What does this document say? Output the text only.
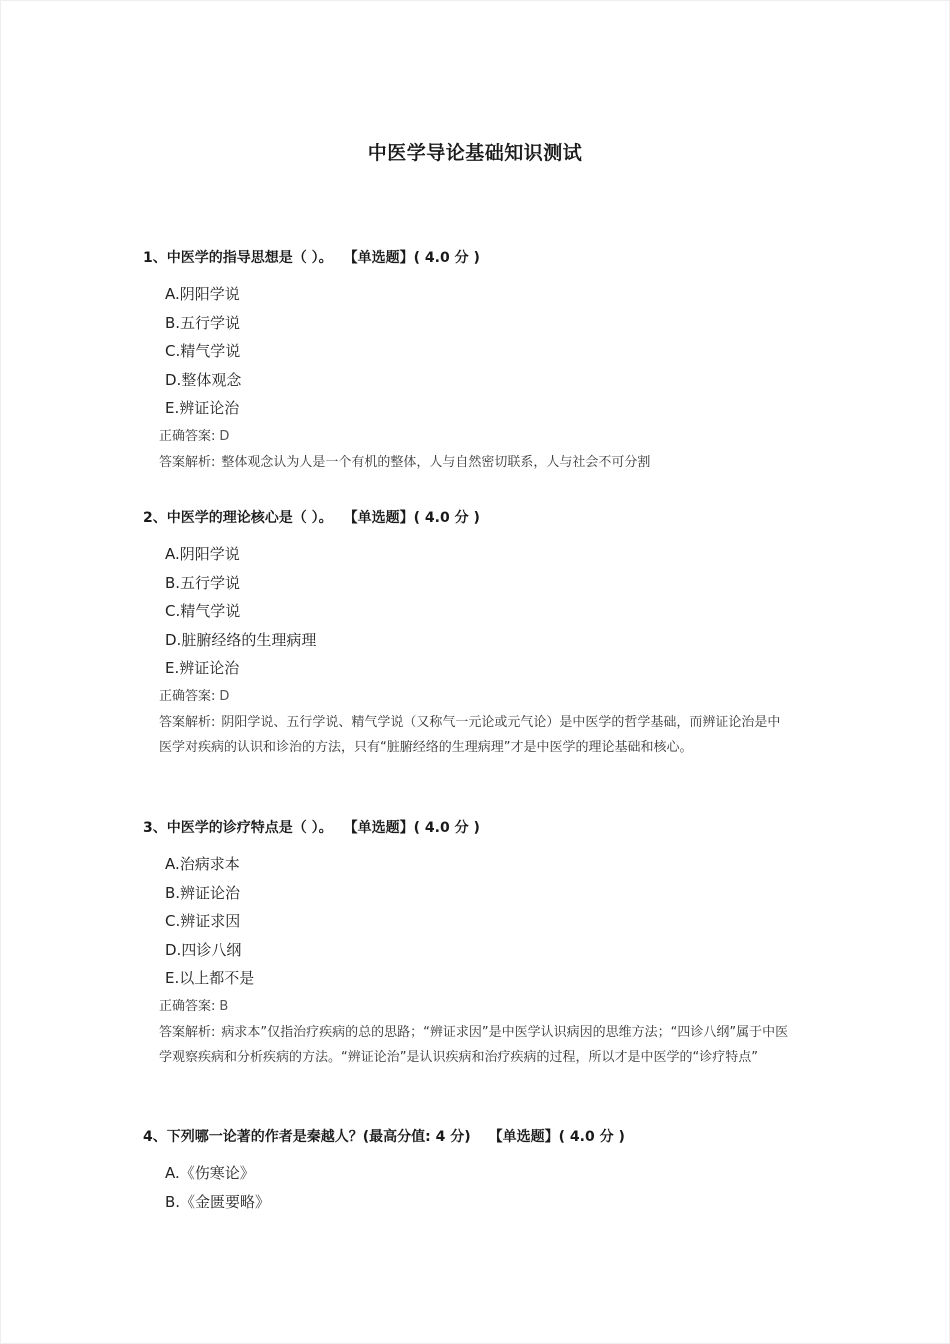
中医学导论基础知识测试
1、中医学的指导思想是（ ）。 【单选题】( 4.0 分 )
A.阴阳学说
B.五行学说
C.精气学说
D.整体观念
E.辨证论治
正确答案: D
答案解析: 整体观念认为人是一个有机的整体，人与自然密切联系，人与社会不可分割
2、中医学的理论核心是（ ）。 【单选题】( 4.0 分 )
A.阴阳学说
B.五行学说
C.精气学说
D.脏腑经络的生理病理
E.辨证论治
正确答案: D
答案解析: 阴阳学说、五行学说、精气学说（又称气一元论或元气论）是中医学的哲学基础，而辨证论治是中医学对疾病的认识和诊治的方法，只有“脏腑经络的生理病理”才是中医学的理论基础和核心。
3、中医学的诊疗特点是（ ）。 【单选题】( 4.0 分 )
A.治病求本
B.辨证论治
C.辨证求因
D.四诊八纲
E.以上都不是
正确答案: B
答案解析: 病求本”仅指治疗疾病的总的思路；“辨证求因”是中医学认识病因的思维方法；“四诊八纲”属于中医学观察疾病和分析疾病的方法。“辨证论治”是认识疾病和治疗疾病的过程，所以才是中医学的“诊疗特点”
4、下列哪一论著的作者是秦越人？(最高分值: 4 分) 【单选题】( 4.0 分 )
A.《伤寒论》
B.《金匮要略》
